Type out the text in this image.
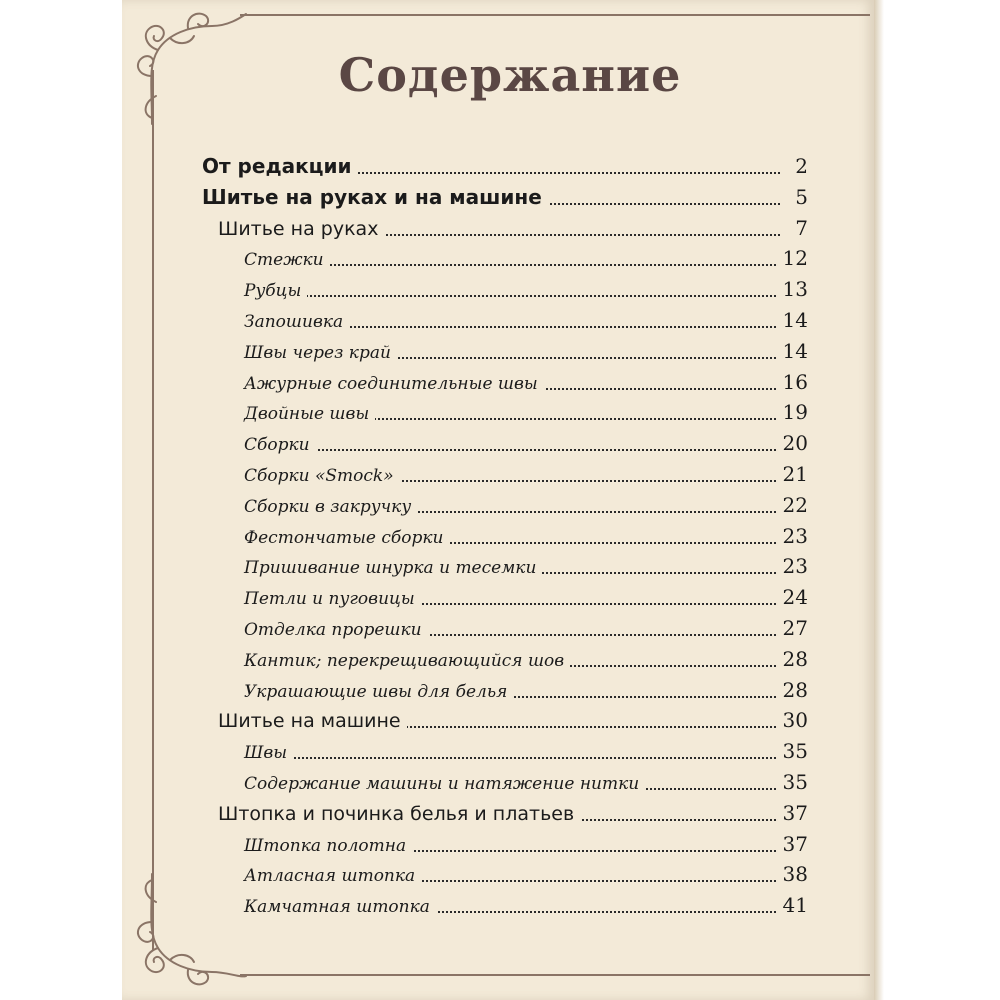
Содержание
От редакции	2
Шитье на руках и на машине	5
Шитье на руках	7
Стежки	12
Рубцы	13
Запошивка	14
Швы через край	14
Ажурные соединительные швы	16
Двойные швы	19
Сборки	20
Сборки «Smock»	21
Сборки в закручку	22
Фестончатые сборки	23
Пришивание шнурка и тесемки	23
Петли и пуговицы	24
Отделка прорешки	27
Кантик; перекрещивающийся шов	28
Украшающие швы для белья	28
Шитье на машине	30
Швы	35
Содержание машины и натяжение нитки	35
Штопка и починка белья и платьев	37
Штопка полотна	37
Атласная штопка	38
Камчатная штопка	41
